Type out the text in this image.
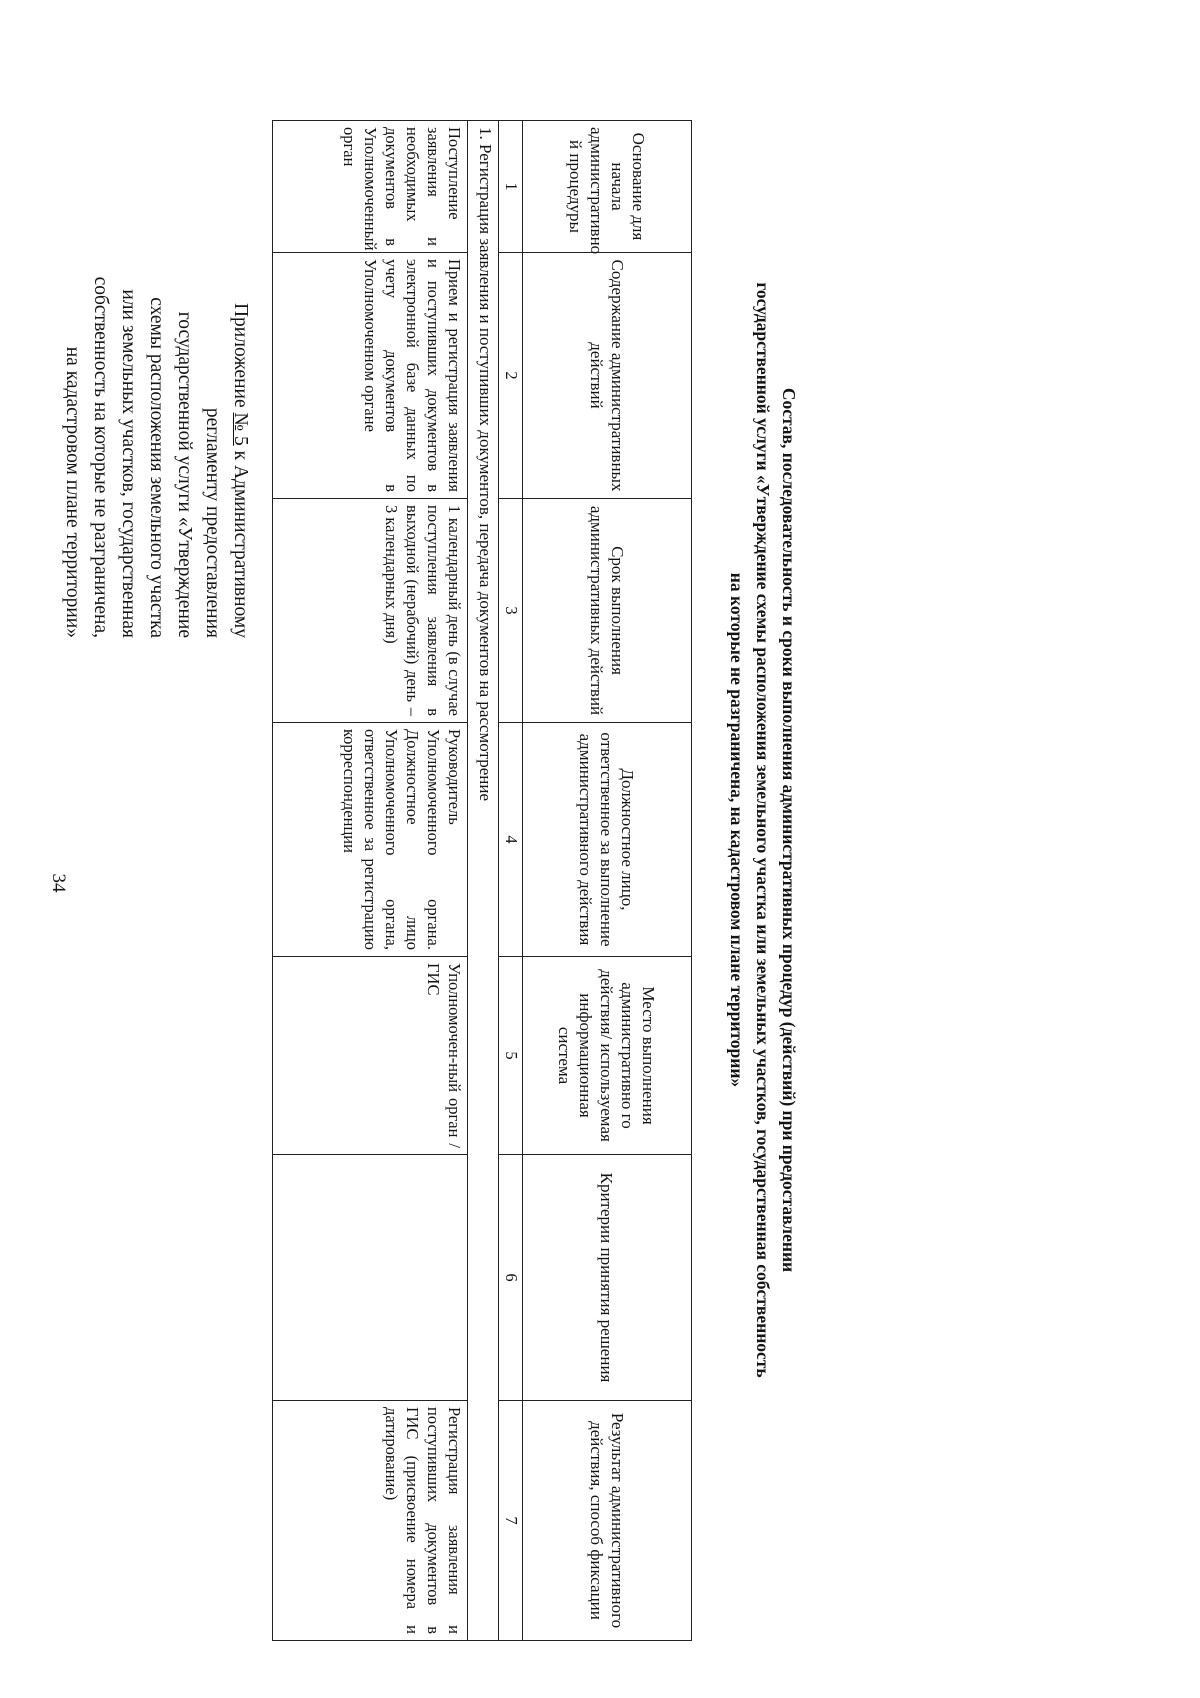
34
Приложение № 5 к Административному
регламенту предоставления
государственной услуги «Утверждение
схемы расположения земельного участка
или земельных участков, государственная
собственность на которые не разграничена,
на кадастровом плане территории»	Состав, последовательность и сроки выполнения административных процедур (действий) при предоставлении
государственной услуги «Утверждение схемы расположения земельного участка или земельных участков, государственная собственность
на которые не разграничена, на кадастровом плане территории»
Основание для начала административно й процедуры	Содержание административных действий	Срок выполнения административных действий	Должностное лицо, ответственное за выполнение административного действия	Место выполнения административно го действия/ используемая информационная система	Критерии принятия решения	Результат административного действия, способ фиксации
1	2	3	4	5	6	7
1. Регистрация заявления и поступивших документов, передача документов на рассмотрение						
Поступление заявления и необходимых документов в Уполномоченный орган	Прием и регистрация заявления и поступивших документов в электронной базе данных по учету документов в Уполномоченном органе	1 календарный день (в случае поступления заявления в выходной (нерабочий) день – 3 календарных дня)	Руководитель Уполномоченного органа. Должностное лицо Уполномоченного органа, ответственное за регистрацию корреспонденции	Уполномочен-ный орган / ГИС		Регистрация заявления и поступивших документов в ГИС (присвоение номера и датирование)
